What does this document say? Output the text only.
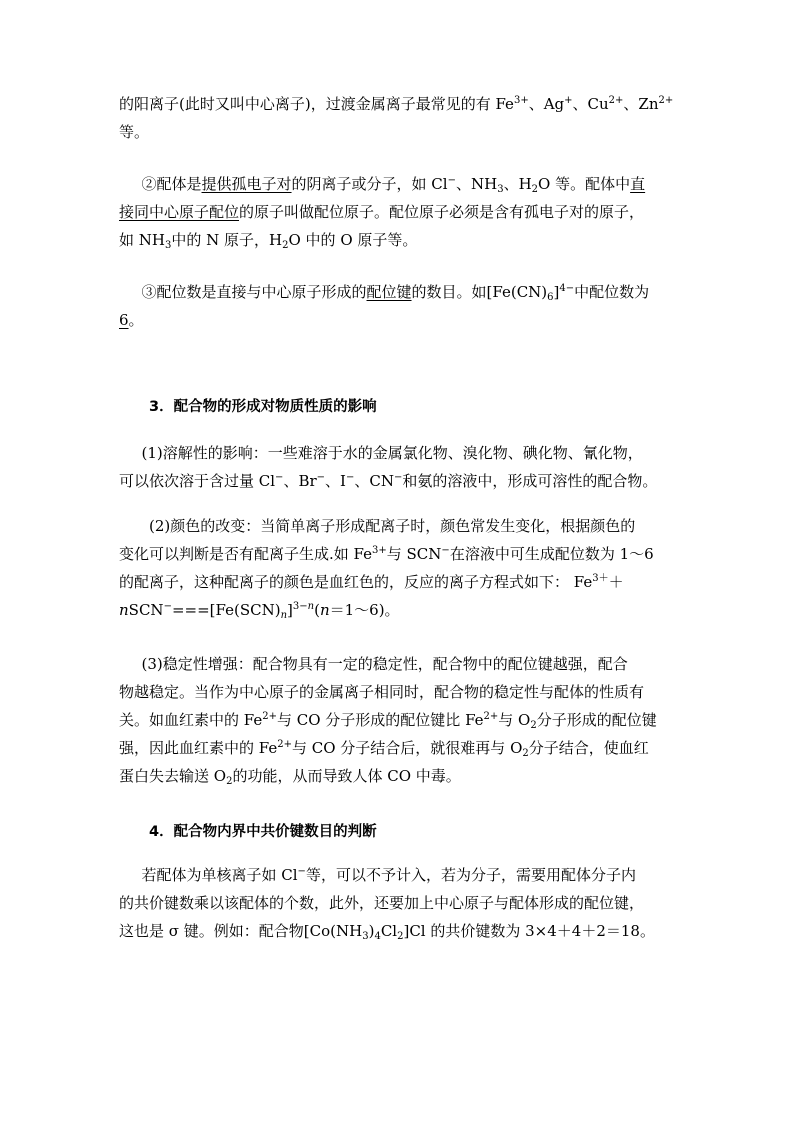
的阳离子(此时又叫中心离子)，过渡金属离子最常见的有 $Fe^{3+}$、Ag+、$Cu^{2+}$、$Zn^{2+}$
等。
  ②配体是提供孤电子对的阴离子或分子，如 Cl−、$NH_3$、$H_2O$ 等。配体中直
接同中心原子配位的原子叫做配位原子。配位原子必须是含有孤电子对的原子，
如 $NH_3$中的 N 原子，$H_2O$ 中的 O 原子等。
  ③配位数是直接与中心原子形成的配位键的数目。如$[Fe(CN)_6]^{4-}$中配位数为
6。
3．配合物的形成对物质性质的影响
  (1)溶解性的影响：一些难溶于水的金属氯化物、溴化物、碘化物、氰化物，
可以依次溶于含过量 Cl−、Br−、I−、CN−和氨的溶液中，形成可溶性的配合物。
  (2)颜色的改变：当简单离子形成配离子时，颜色常发生变化，根据颜色的
变化可以判断是否有配离子生成.如 $Fe^{3+}$与 SCN−在溶液中可生成配位数为 1～6
的配离子，这种配离子的颜色是血红色的，反应的离子方程式如下： $Fe^{3+}+$
$nSCN^-===[Fe(SCN)_n]^{3-n}(n=1\sim 6)$。
  (3)稳定性增强：配合物具有一定的稳定性，配合物中的配位键越强，配合
物越稳定。当作为中心原子的金属离子相同时，配合物的稳定性与配体的性质有
关。如血红素中的 $Fe^{2+}$与 CO 分子形成的配位键比 $Fe^{2+}$与 $O_2$分子形成的配位键
强，因此血红素中的 $Fe^{2+}$与 CO 分子结合后，就很难再与 $O_2$分子结合，使血红
蛋白失去输送 $O_2$的功能，从而导致人体 CO 中毒。
4．配合物内界中共价键数目的判断
  若配体为单核离子如 Cl−等，可以不予计入，若为分子，需要用配体分子内
的共价键数乘以该配体的个数，此外，还要加上中心原子与配体形成的配位键，
这也是 σ 键。例如：配合物$[Co(NH_3)_4Cl_2]Cl$ 的共价键数为 3×4＋4＋2＝18。
